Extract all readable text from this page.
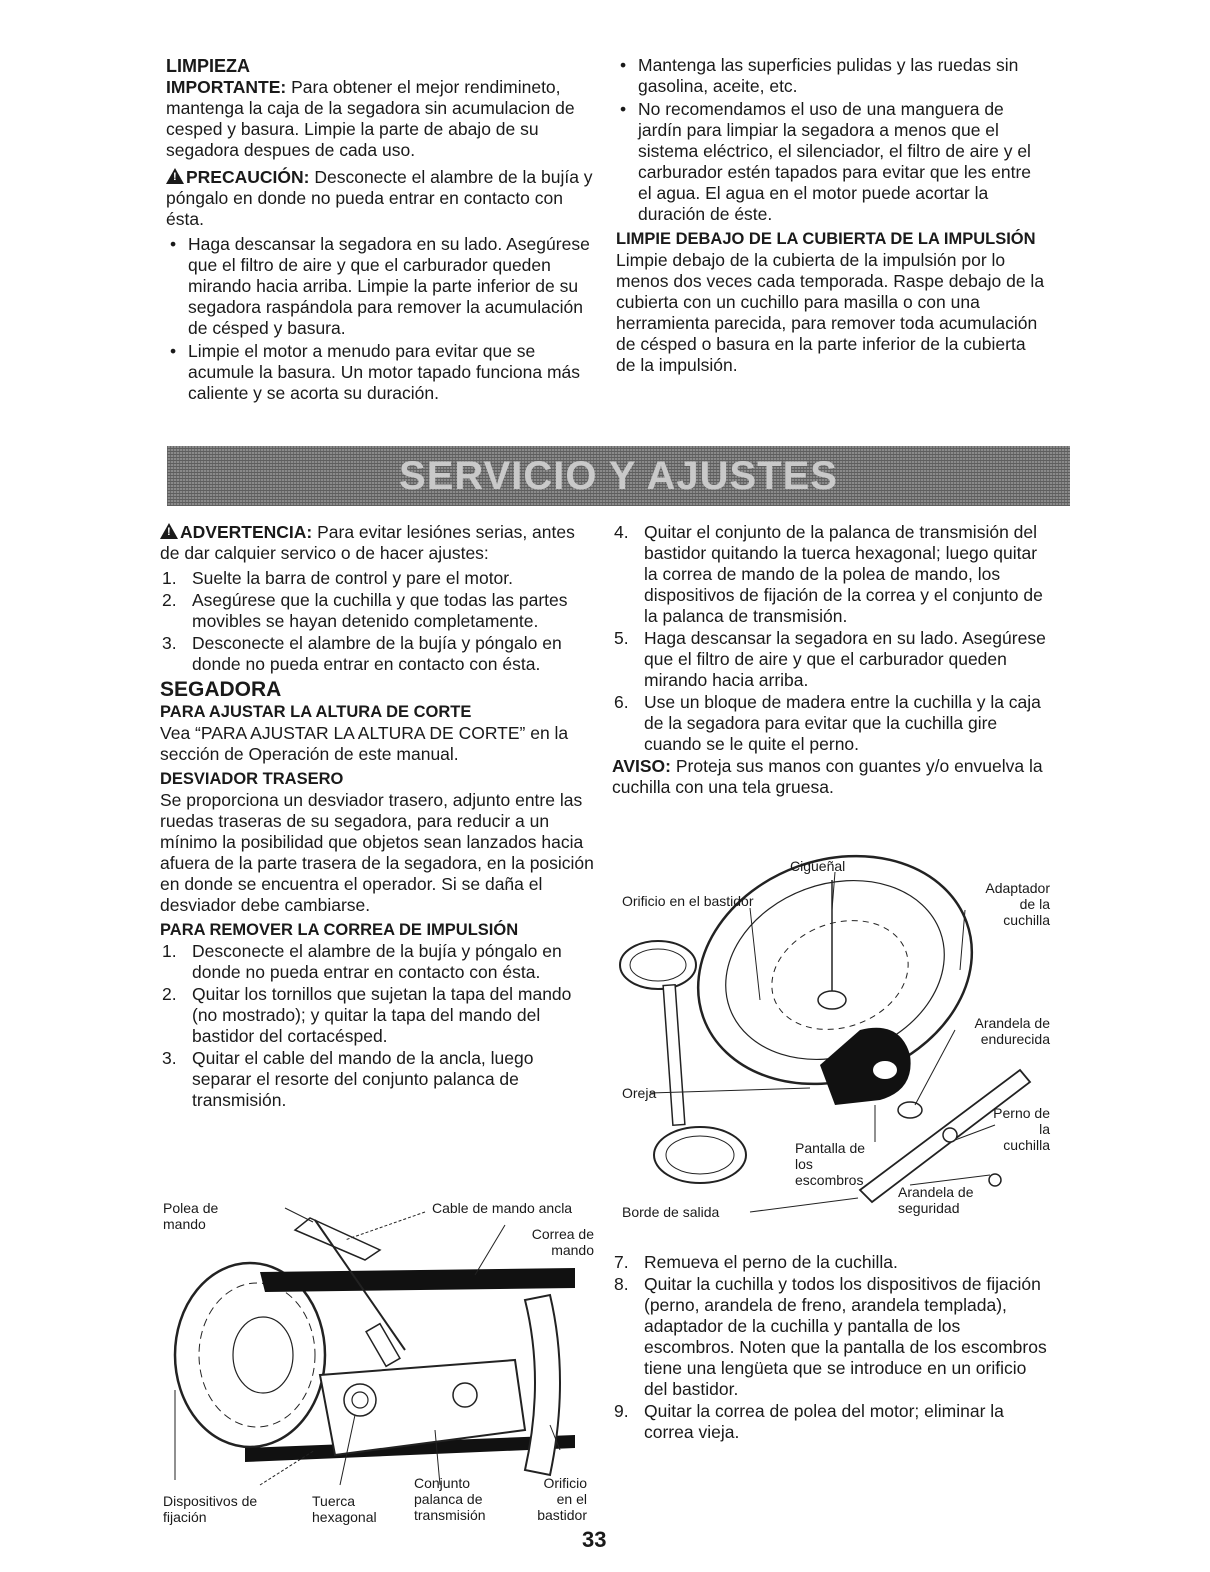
LIMPIEZA
IMPORTANTE: Para obtener el mejor rendimineto, mantenga la caja de la segadora sin acumulacion de cesped y basura. Limpie la parte de abajo de su segadora despues de cada uso.
! PRECAUCIÓN: Desconecte el alambre de la bujía y póngalo en donde no pueda entrar en contacto con ésta.
• Haga descansar la segadora en su lado. Asegúrese que el filtro de aire y que el carburador queden mirando hacia arriba. Limpie la parte inferior de su segadora raspándola para remover la acumulación de césped y basura.
• Limpie el motor a menudo para evitar que se acumule la basura. Un motor tapado funciona más caliente y se acorta su duración.
• Mantenga las superficies pulidas y las ruedas sin gasolina, aceite, etc.
• No recomendamos el uso de una manguera de jardín para limpiar la segadora a menos que el sistema eléctrico, el silenciador, el filtro de aire y el carburador estén tapados para evitar que les entre el agua. El agua en el motor puede acortar la duración de éste.
LIMPIE DEBAJO DE LA CUBIERTA DE LA IMPULSIÓN
Limpie debajo de la cubierta de la impulsión por lo menos dos veces cada temporada. Raspe debajo de la cubierta con un cuchillo para masilla o con una herramienta parecida, para remover toda acumulación de césped o basura en la parte inferior de la cubierta de la impulsión.
SERVICIO Y AJUSTES
! ADVERTENCIA: Para evitar lesiónes serias, antes de dar calquier servico o de hacer ajustes:
1. Suelte la barra de control y pare el motor.
2. Asegúrese que la cuchilla y que todas las partes movibles se hayan detenido completamente.
3. Desconecte el alambre de la bujía y póngalo en donde no pueda entrar en contacto con ésta.
SEGADORA
PARA AJUSTAR LA ALTURA DE CORTE
Vea “PARA AJUSTAR LA ALTURA DE CORTE” en la sección de Operación de este manual.
DESVIADOR TRASERO
Se proporciona un desviador trasero, adjunto entre las ruedas traseras de su segadora, para reducir a un mínimo la posibilidad que objetos sean lanzados hacia afuera de la parte trasera de la segadora, en la posición en donde se encuentra el operador. Si se daña el desviador debe cambiarse.
PARA REMOVER LA CORREA DE IMPULSIÓN
1. Desconecte el alambre de la bujía y póngalo en donde no pueda entrar en contacto con ésta.
2. Quitar los tornillos que sujetan la tapa del mando (no mostrado); y quitar la tapa del mando del bastidor del cortacésped.
3. Quitar el cable del mando de la ancla, luego separar el resorte del conjunto palanca de transmisión.
4. Quitar el conjunto de la palanca de transmisión del bastidor quitando la tuerca hexagonal; luego quitar la correa de mando de la polea de mando, los dispositivos de fijación de la correa y el conjunto de la palanca de transmisión.
5. Haga descansar la segadora en su lado. Asegúrese que el filtro de aire y que el carburador queden mirando hacia arriba.
6. Use un bloque de madera entre la cuchilla y la caja de la segadora para evitar que la cuchilla gire cuando se le quite el perno.
AVISO: Proteja sus manos con guantes y/o envuelva la cuchilla con una tela gruesa.
Cigueñal
Orificio en el bastidor
Adaptador de la cuchilla
Arandela de endurecida
Oreja
Pantalla de los escombros
Perno de la cuchilla
Borde de salida
Arandela de seguridad
Polea de mando
Cable de mando ancla
Correa de mando
Dispositivos de fijación
Tuerca hexagonal
Conjunto palanca de transmisión
Orificio en el bastidor
7. Remueva el perno de la cuchilla.
8. Quitar la cuchilla y todos los dispositivos de fijación (perno, arandela de freno, arandela templada), adaptador de la cuchilla y pantalla de los escombros. Noten que la pantalla de los escombros tiene una lengüeta que se introduce en un orificio del bastidor.
9. Quitar la correa de polea del motor; eliminar la correa vieja.
33
